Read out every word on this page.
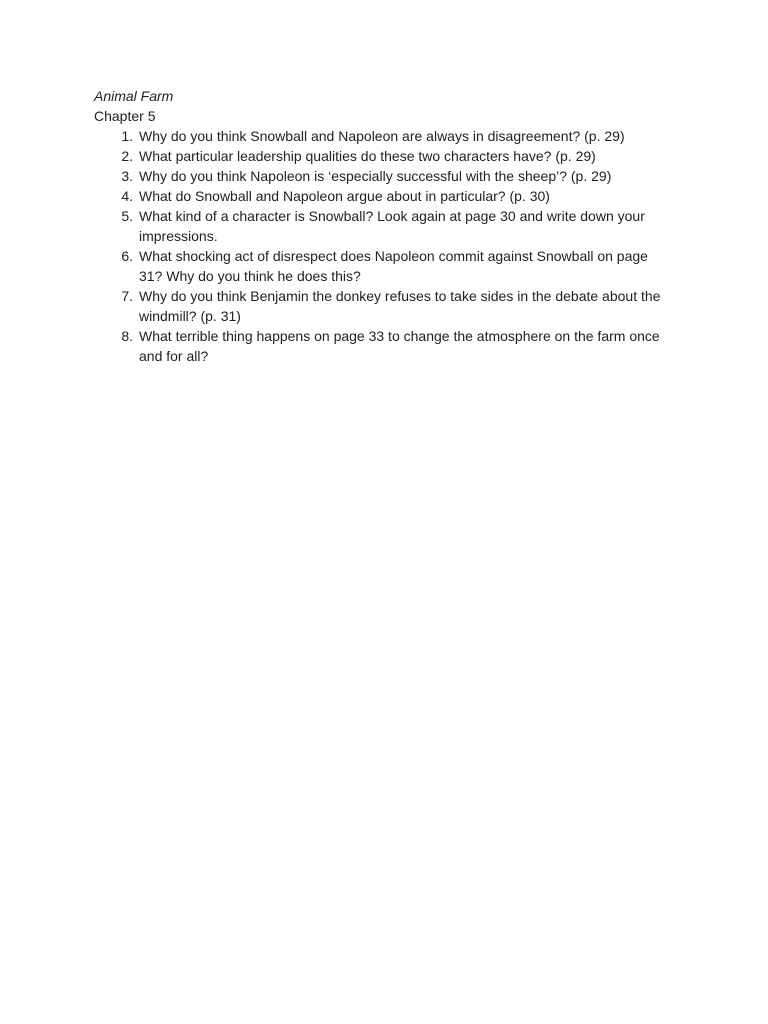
Animal Farm

Chapter 5

1. Why do you think Snowball and Napoleon are always in disagreement? (p. 29)
2. What particular leadership qualities do these two characters have? (p. 29)
3. Why do you think Napoleon is ‘especially successful with the sheep’? (p. 29)
4. What do Snowball and Napoleon argue about in particular? (p. 30)
5. What kind of a character is Snowball? Look again at page 30 and write down your impressions.
6. What shocking act of disrespect does Napoleon commit against Snowball on page 31? Why do you think he does this?
7. Why do you think Benjamin the donkey refuses to take sides in the debate about the windmill? (p. 31)
8. What terrible thing happens on page 33 to change the atmosphere on the farm once and for all?
